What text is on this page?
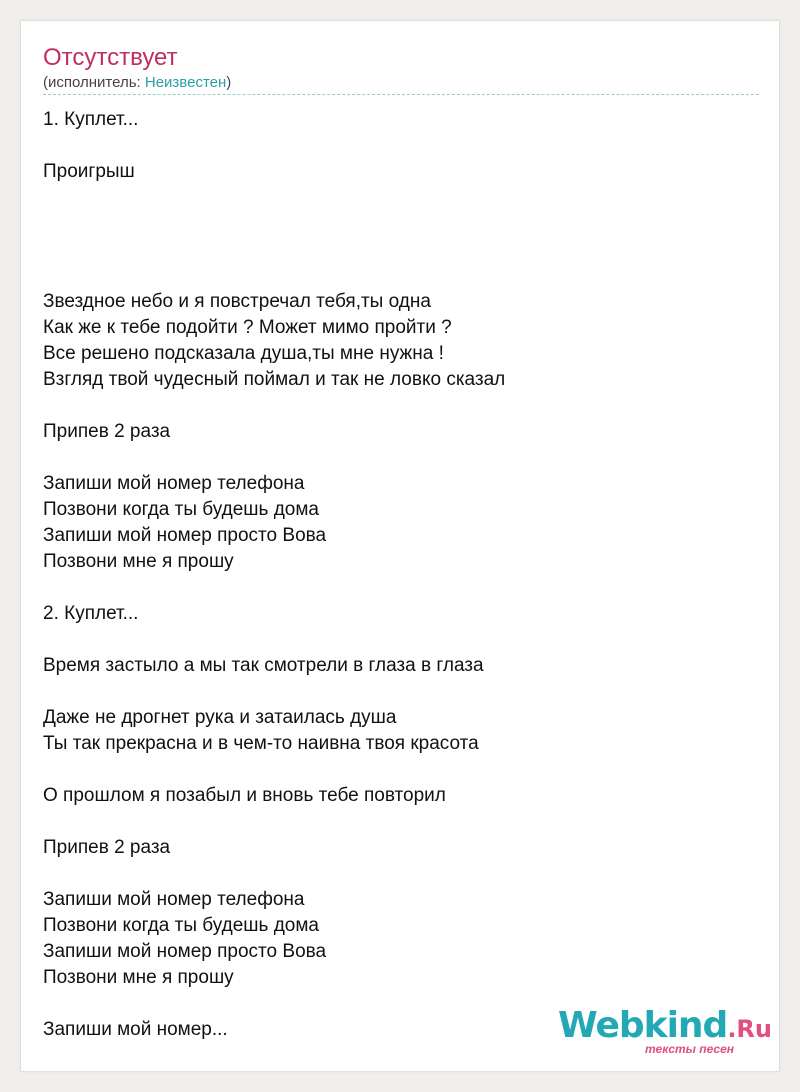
Отсутствует
(исполнитель: Неизвестен)
1. Куплет...
Проигрыш
Звездное небо и я повстречал тебя,ты одна
Как же к тебе подойти ? Может мимо пройти ?
Все решено подсказала душа,ты мне нужна !
Взгляд твой чудесный поймал и так не ловко сказал
Припев 2 раза
Запиши мой номер телефона
Позвони когда ты будешь дома
Запиши мой номер просто Вова
Позвони мне я прошу
2. Куплет...
Время застыло а мы так смотрели в глаза в глаза
Даже не дрогнет рука и затаилась душа
Ты так прекрасна и в чем-то наивна твоя красота
О прошлом я позабыл и вновь тебе повторил
Припев 2 раза
Запиши мой номер телефона
Позвони когда ты будешь дома
Запиши мой номер просто Вова
Позвони мне я прошу
Запиши мой номер...	Webkind.Ru
тексты песен
